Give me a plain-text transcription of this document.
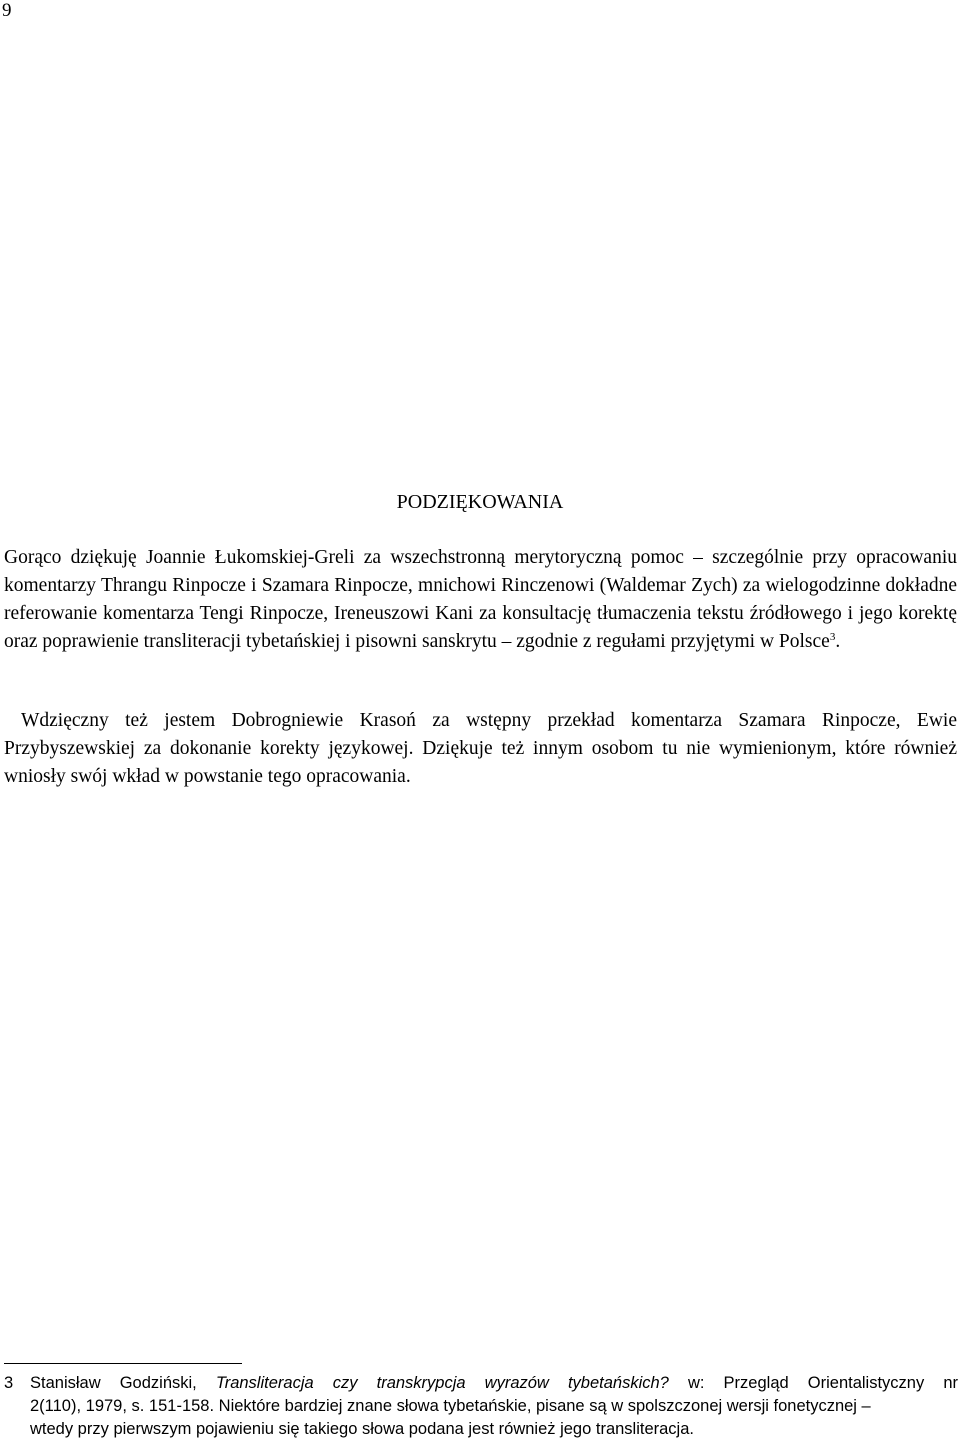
9
PODZIĘKOWANIA

Gorąco dziękuję Joannie Łukomskiej-Greli za wszechstronną merytoryczną pomoc – szczególnie przy opracowaniu komentarzy Thrangu Rinpocze i Szamara Rinpocze, mnichowi Rinczenowi (Waldemar Zych) za wielogodzinne dokładne referowanie komentarza Tengi Rinpocze, Ireneuszowi Kani za konsultację tłumaczenia tekstu źródłowego i jego korektę oraz poprawienie transliteracji tybetańskiej i pisowni sanskrytu – zgodnie z regułami przyjętymi w Polsce$^3$.

Wdzięczny też jestem Dobrogniewie Krasoń za wstępny przekład komentarza Szamara Rinpocze, Ewie Przybyszewskiej za dokonanie korekty językowej. Dziękuje też innym osobom tu nie wymienionym, które również wniosły swój wkład w powstanie tego opracowania.

3 Stanisław Godziński, Transliteracja czy transkrypcja wyrazów tybetańskich? w: Przegląd Orientalistyczny nr
2(110), 1979, s. 151-158. Niektóre bardziej znane słowa tybetańskie, pisane są w spolszczonej wersji fonetycznej –
wtedy przy pierwszym pojawieniu się takiego słowa podana jest również jego transliteracja.
